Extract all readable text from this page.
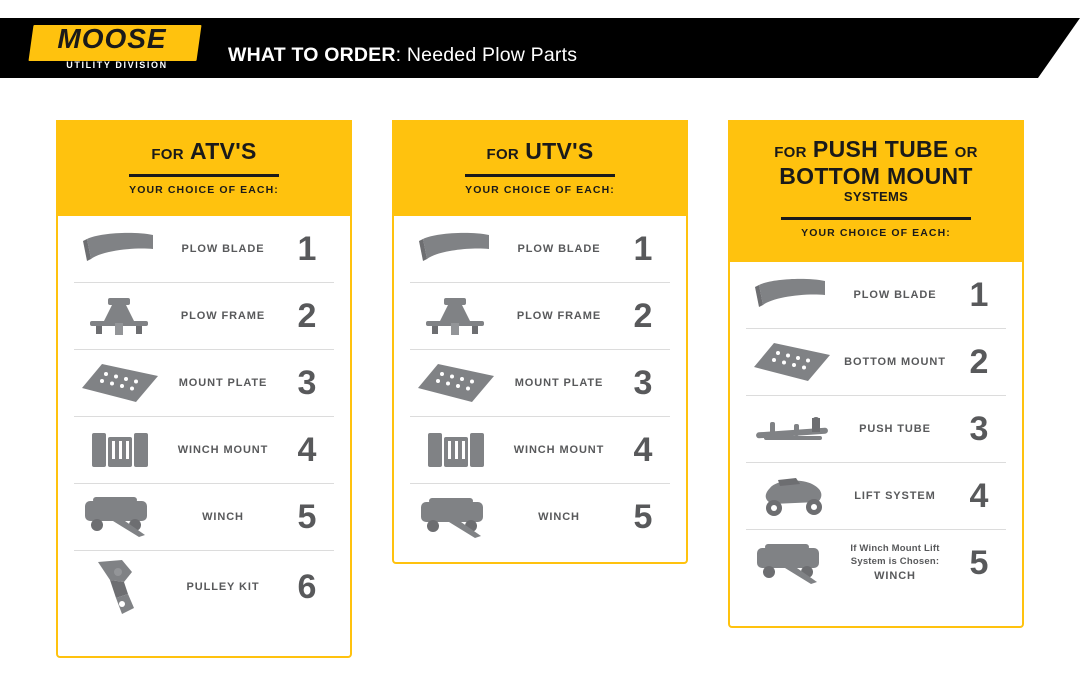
MOOSE
UTILITY DIVISION	WHAT TO ORDER: Needed Plow Parts
FOR ATV'S
YOUR CHOICE OF EACH:
PLOW BLADE 1
PLOW FRAME 2
MOUNT PLATE 3
WINCH MOUNT 4
WINCH	5
PULLEY KIT	6
FOR UTV'S
YOUR CHOICE OF EACH:
PLOW BLADE 1
PLOW FRAME 2
MOUNT PLATE 3
WINCH MOUNT 4
WINCH	5
FOR PUSH TUBE OR
BOTTOM MOUNT
SYSTEMS
YOUR CHOICE OF EACH:
PLOW BLADE 1
BOTTOM MOUNT 2
PUSH TUBE	3
LIFT SYSTEM 4
If Winch Mount Lift System is Chosen:
WINCH	5
